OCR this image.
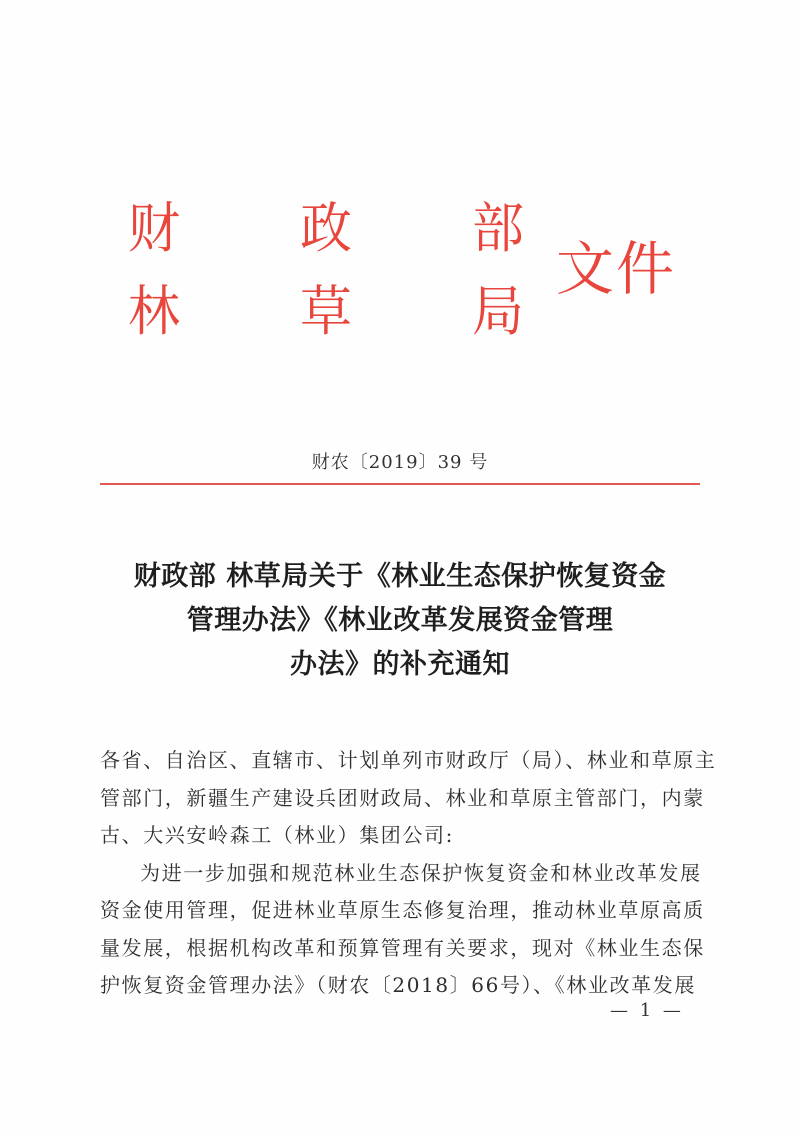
财 政 部
林 草 局
文件
财农〔2019〕39 号
财政部 林草局关于《林业生态保护恢复资金
管理办法》《林业改革发展资金管理
办法》的补充通知
各省、自治区、直辖市、计划单列市财政厅（局）、林业和草原主
管部门，新疆生产建设兵团财政局、林业和草原主管部门，内蒙
古、大兴安岭森工（林业）集团公司:
为进一步加强和规范林业生态保护恢复资金和林业改革发展
资金使用管理，促进林业草原生态修复治理，推动林业草原高质
量发展，根据机构改革和预算管理有关要求，现对《林业生态保
护恢复资金管理办法》（财农〔2018〕66号）、《林业改革发展
— 1 —
